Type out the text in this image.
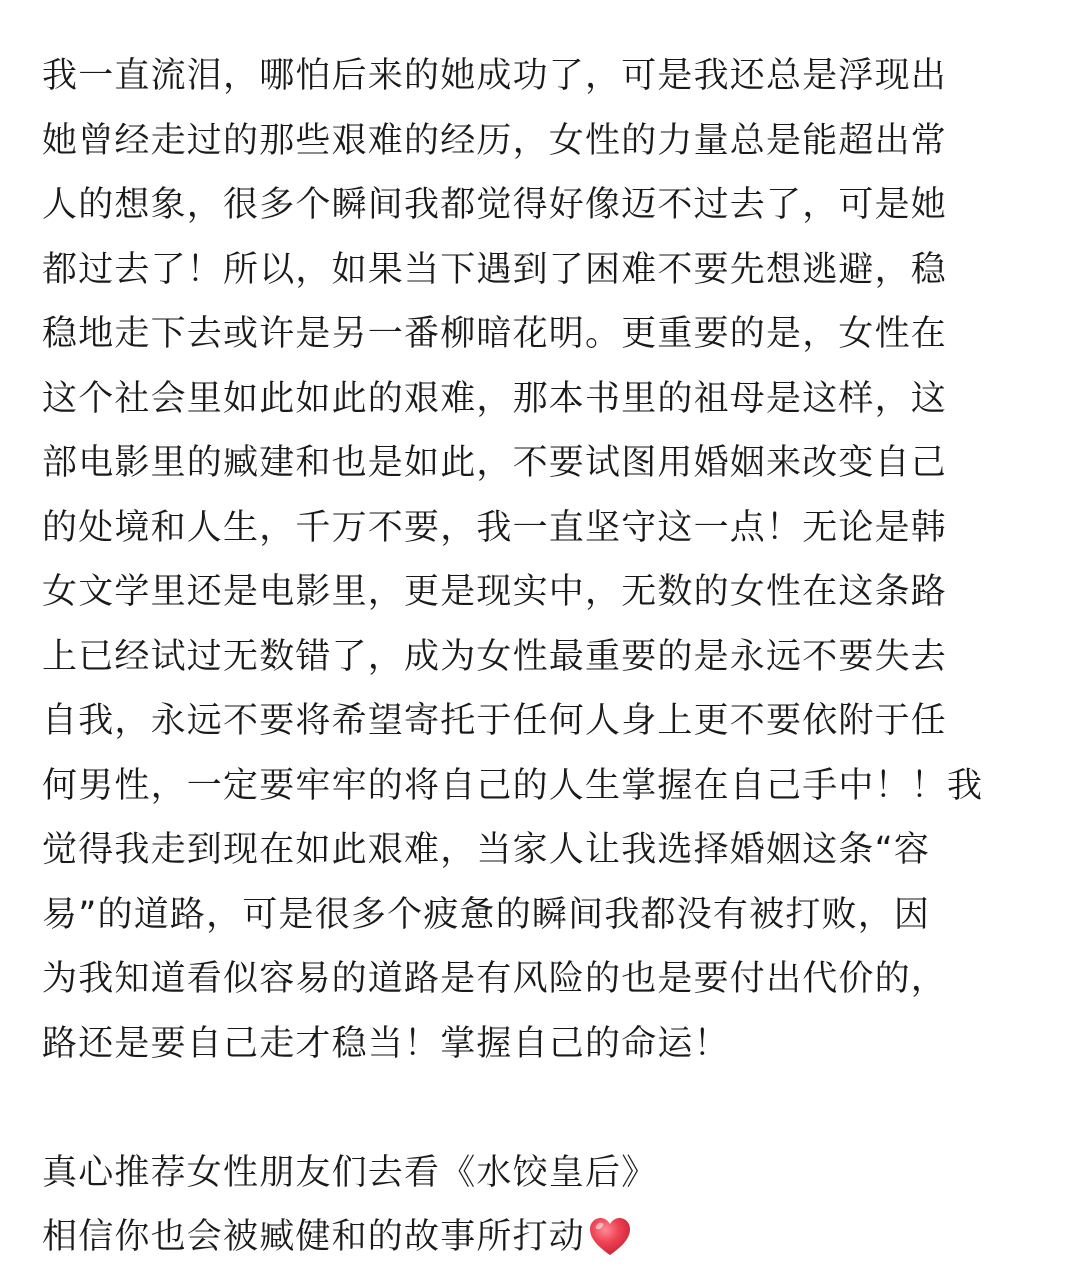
我一直流泪，哪怕后来的她成功了，可是我还总是浮现出
她曾经走过的那些艰难的经历，女性的力量总是能超出常
人的想象，很多个瞬间我都觉得好像迈不过去了，可是她
都过去了！所以，如果当下遇到了困难不要先想逃避，稳
稳地走下去或许是另一番柳暗花明。更重要的是，女性在
这个社会里如此如此的艰难，那本书里的祖母是这样，这
部电影里的臧建和也是如此，不要试图用婚姻来改变自己
的处境和人生，千万不要，我一直坚守这一点！无论是韩
女文学里还是电影里，更是现实中，无数的女性在这条路
上已经试过无数错了，成为女性最重要的是永远不要失去
自我，永远不要将希望寄托于任何人身上更不要依附于任
何男性，一定要牢牢的将自己的人生掌握在自己手中！！我
觉得我走到现在如此艰难，当家人让我选择婚姻这条“容
易”的道路，可是很多个疲惫的瞬间我都没有被打败，因
为我知道看似容易的道路是有风险的也是要付出代价的，
路还是要自己走才稳当！掌握自己的命运！
真心推荐女性朋友们去看《水饺皇后》
相信你也会被臧健和的故事所打动
